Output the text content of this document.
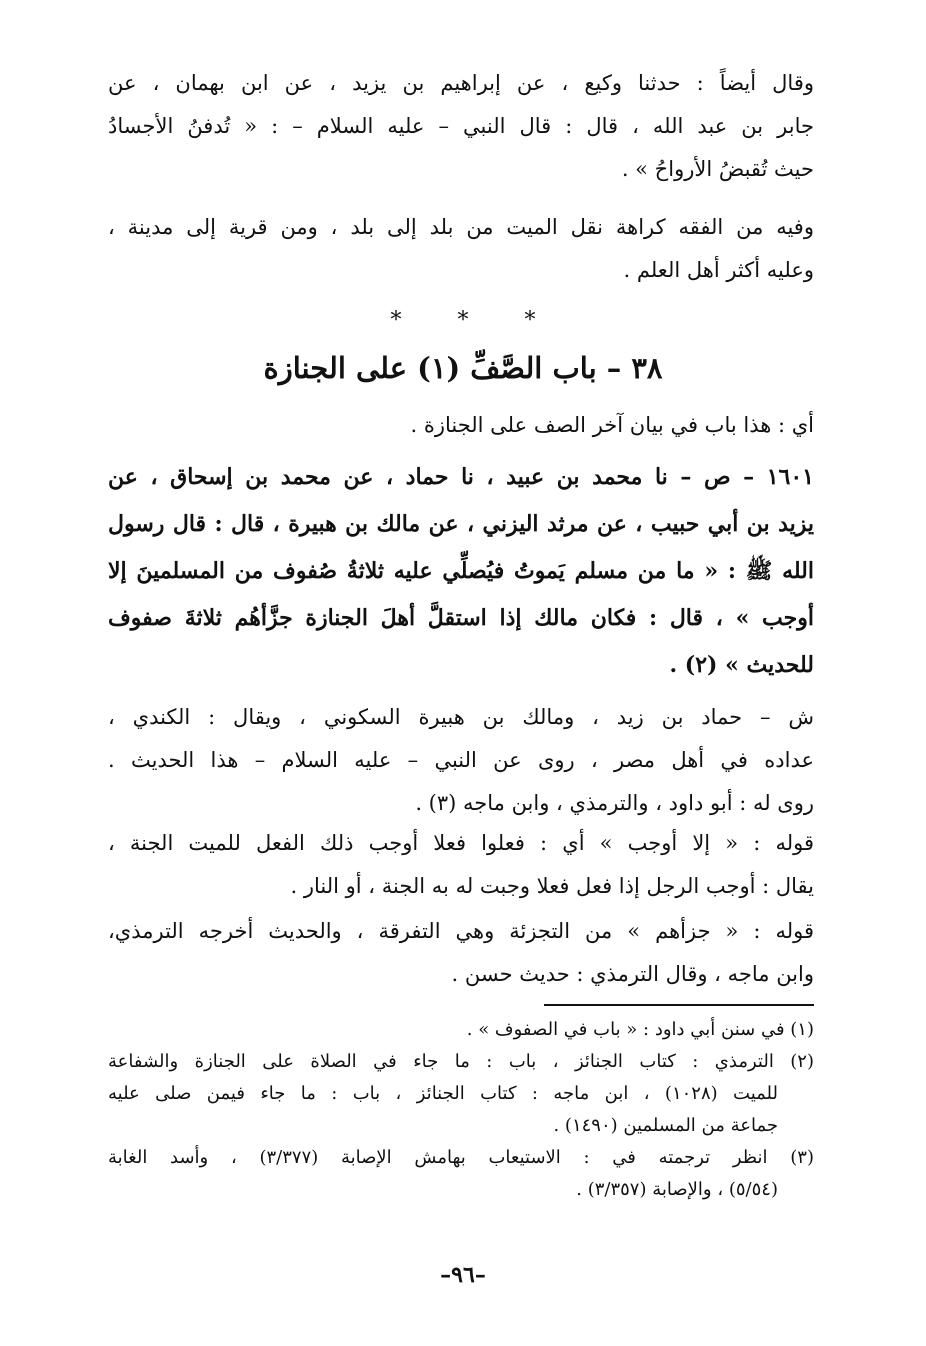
وقال أيضاً : حدثنا وكيع ، عن إبراهيم بن يزيد ، عن ابن بهمان ، عن
جابر بن عبد الله ، قال : قال النبي – عليه السلام – : « تُدفنُ الأجسادُ
حيث تُقبضُ الأرواحُ » .
وفيه من الفقه كراهة نقل الميت من بلد إلى بلد ، ومن قرية إلى مدينة ،
وعليه أكثر أهل العلم .
*	*	*
٣٨ – باب الصَّفِّ (١) على الجنازة
أي : هذا باب في بيان آخر الصف على الجنازة .
١٦٠١ – ص – نا محمد بن عبيد ، نا حماد ، عن محمد بن إسحاق ، عن
يزيد بن أبي حبيب ، عن مرثد اليزني ، عن مالك بن هبيرة ، قال : قال رسول
الله ﷺ : « ما من مسلم يَموتُ فيُصلِّي عليه ثلاثةُ صُفوف من المسلمينَ إلا
أوجب » ، قال : فكان مالك إذا استقلَّ أهلَ الجنازة جزَّأهُم ثلاثةَ صفوف
للحديث » (٢) .
ش – حماد بن زيد ، ومالك بن هبيرة السكوني ، ويقال : الكندي ،
عداده في أهل مصر ، روى عن النبي – عليه السلام – هذا الحديث .
روى له : أبو داود ، والترمذي ، وابن ماجه (٣) .
قوله : « إلا أوجب » أي : فعلوا فعلا أوجب ذلك الفعل للميت الجنة ،
يقال : أوجب الرجل إذا فعل فعلا وجبت له به الجنة ، أو النار .
قوله : « جزأهم » من التجزئة وهي التفرقة ، والحديث أخرجه الترمذي،
وابن ماجه ، وقال الترمذي : حديث حسن .
(١) في سنن أبي داود : « باب في الصفوف » .
(٢) الترمذي : كتاب الجنائز ، باب : ما جاء في الصلاة على الجنازة والشفاعة
للميت (١٠٢٨) ، ابن ماجه : كتاب الجنائز ، باب : ما جاء فيمن صلى عليه
جماعة من المسلمين (١٤٩٠) .
(٣) انظر ترجمته في : الاستيعاب بهامش الإصابة (٣/٣٧٧) ، وأسد الغابة
(٥/٥٤) ، والإصابة (٣/٣٥٧) .
–٩٦–
